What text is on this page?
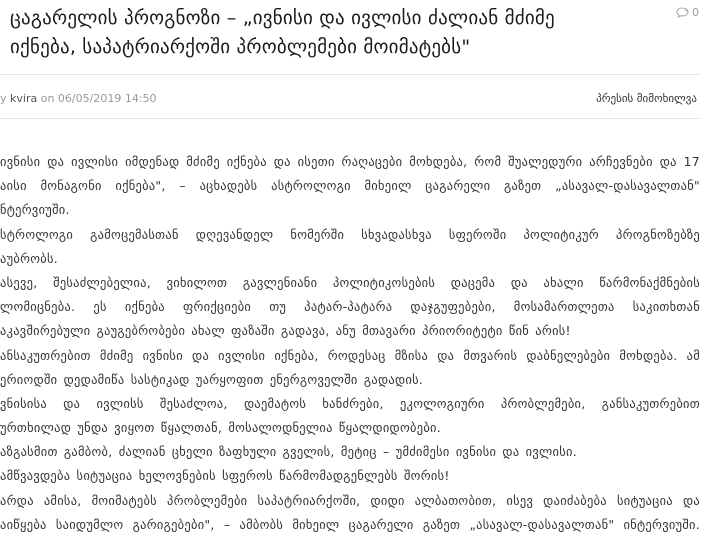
ცაგარელის პროგნოზი – „ივნისი და ივლისი ძალიან მძიმე
იქნება, საპატრიარქოში პრობლემები მოიმატებს"
0
y kvira on 06/05/2019 14:50	პრესის მიმოხილვა
ივნისი და ივლისი იმდენად მძიმე იქნება და ისეთი რაღაცები მოხდება, რომ შუალედური არჩევნები და 17
აისი მონაგონი იქნება", – აცხადებს ასტროლოგი მიხეილ ცაგარელი გაზეთ „ასავალ-დასავალთან"
ნტერვიუში.
სტროლოგი გამოცემასთან დღევანდელ ნომერში სხვადასხვა სფეროში პოლიტიკურ პროგნოზებზე
აუბრობს.
ასევე, შესაძლებელია, ვიხილოთ გავლენიანი პოლიტიკოსების დაცემა და ახალი წარმონაქმნების
ლომიცნება. ეს იქნება ფრიქციები თუ პატარ-პატარა დაჯგუფებები, მოსამართლეთა საკითხთან
აკავშირებული გაუგებრობები ახალ ფაზაში გადავა, ანუ მთავარი პრიორიტეტი წინ არის!
ანსაკუთრებით მძიმე ივნისი და ივლისი იქნება, როდესაც მზისა და მთვარის დაბნელებები მოხდება. ამ
ერიოდში დედამიწა სასტიკად უარყოფით ენერგოველში გადადის.
ვნისისა და ივლისს შესაძლოა, დაემატოს ხანძრები, ეკოლოგიური პრობლემები, განსაკუთრებით
ურთხილად უნდა ვიყოთ წყალთან, მოსალოდნელია წყალდიდობები.
აზგასმით გამბობ, ძალიან ცხელი ზაფხული გველის, მეტიც – უმძიმესი ივნისი და ივლისი.
ამწვავდება სიტუაცია ხელოვნების სფეროს წარმომადგენლებს შორის!
არდა ამისა, მოიმატებს პრობლემები საპატრიარქოში, დიდი ალბათობით, ისევ დაიძაბება სიტუაცია და
აიწყება საიდუმლო გარიგებები", – ამბობს მიხეილ ცაგარელი გაზეთ „ასავალ-დასავალთან" ინტერვიუში.
